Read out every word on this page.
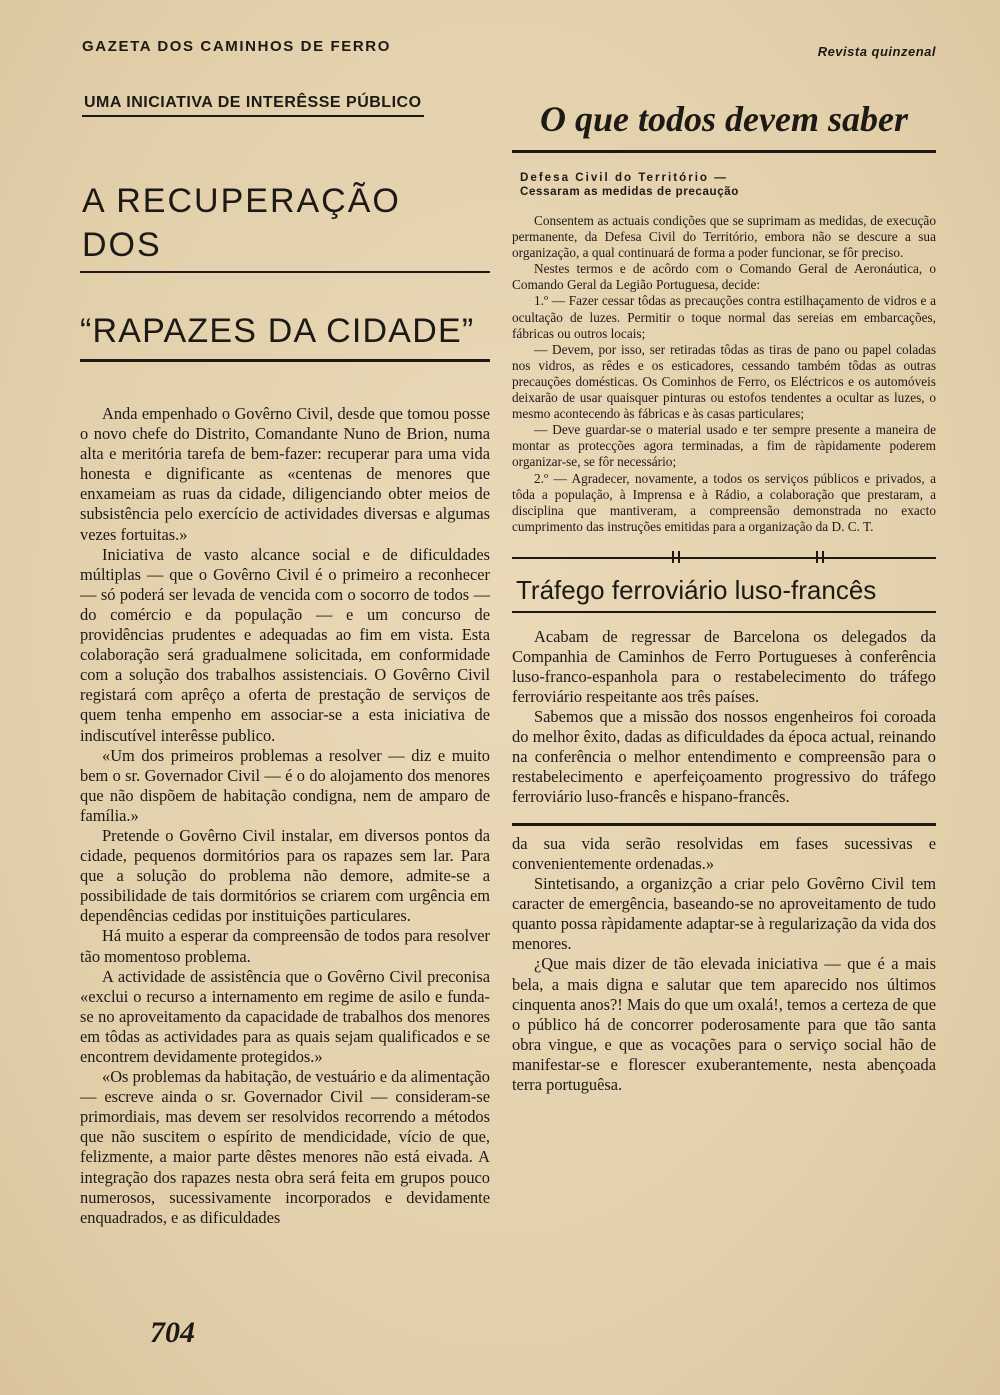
GAZETA DOS CAMINHOS DE FERRO	Revista quinzenal
UMA INICIATIVA DE INTERÊSSE PÚBLICO
A RECUPERAÇÃO DOS
“RAPAZES DA CIDADE”

Anda empenhado o Govêrno Civil, desde que tomou posse o novo chefe do Distrito, Comandante Nuno de Brion, numa alta e meritória tarefa de bem-fazer: recuperar para uma vida honesta e dignificante as «centenas de menores que enxameiam as ruas da cidade, diligenciando obter meios de subsistência pelo exercício de actividades diversas e algumas vezes fortuitas.»

Iniciativa de vasto alcance social e de dificuldades múltiplas — que o Govêrno Civil é o primeiro a reconhecer — só poderá ser levada de vencida com o socorro de todos — do comércio e da população — e um concurso de providências prudentes e adequadas ao fim em vista. Esta colaboração será gradualmene solicitada, em conformidade com a solução dos trabalhos assistenciais. O Govêrno Civil registará com aprêço a oferta de prestação de serviços de quem tenha empenho em associar-se a esta iniciativa de indiscutível interêsse publico.

«Um dos primeiros problemas a resolver — diz e muito bem o sr. Governador Civil — é o do alojamento dos menores que não dispõem de habitação condigna, nem de amparo de família.»

Pretende o Govêrno Civil instalar, em diversos pontos da cidade, pequenos dormitórios para os rapazes sem lar. Para que a solução do problema não demore, admite-se a possibilidade de tais dormitórios se criarem com urgência em dependências cedidas por instituições particulares.

Há muito a esperar da compreensão de todos para resolver tão momentoso problema.

A actividade de assistência que o Govêrno Civil preconisa «exclui o recurso a internamento em regime de asilo e funda-se no aproveitamento da capacidade de trabalhos dos menores em tôdas as actividades para as quais sejam qualificados e se encontrem devidamente protegidos.»

«Os problemas da habitação, de vestuário e da alimentação — escreve ainda o sr. Governador Civil — consideram-se primordiais, mas devem ser resolvidos recorrendo a métodos que não suscitem o espírito de mendicidade, vício de que, felizmente, a maior parte dêstes menores não está eivada. A integração dos rapazes nesta obra será feita em grupos pouco numerosos, sucessivamente incorporados e devidamente enquadrados, e as dificuldades

O que todos devem saber
Defesa Civil do Território —
Cessaram as medidas de precaução

Consentem as actuais condições que se suprimam as medidas, de execução permanente, da Defesa Civil do Território, embora não se descure a sua organização, a qual continuará de forma a poder funcionar, se fôr preciso.

Nestes termos e de acôrdo com o Comando Geral de Aeronáutica, o Comando Geral da Legião Portuguesa, decide:

1.º — Fazer cessar tôdas as precauções contra estilhaçamento de vidros e a ocultação de luzes. Permitir o toque normal das sereias em embarcações, fábricas ou outros locais;

— Devem, por isso, ser retiradas tôdas as tiras de pano ou papel coladas nos vidros, as rêdes e os esticadores, cessando também tôdas as outras precauções domésticas. Os Cominhos de Ferro, os Eléctricos e os automóveis deixarão de usar quaisquer pinturas ou estofos tendentes a ocultar as luzes, o mesmo acontecendo às fábricas e às casas particulares;

— Deve guardar-se o material usado e ter sempre presente a maneira de montar as protecções agora terminadas, a fim de ràpidamente poderem organizar-se, se fôr necessário;

2.º — Agradecer, novamente, a todos os serviços públicos e privados, a tôda a população, à Imprensa e à Rádio, a colaboração que prestaram, a disciplina que mantiveram, a compreensão demonstrada no exacto cumprimento das instruções emitidas para a organização da D. C. T.

Tráfego ferroviário luso-francês

Acabam de regressar de Barcelona os delegados da Companhia de Caminhos de Ferro Portugueses à conferência luso-franco-espanhola para o restabelecimento do tráfego ferroviário respeitante aos três países.

Sabemos que a missão dos nossos engenheiros foi coroada do melhor êxito, dadas as dificuldades da época actual, reinando na conferência o melhor entendimento e compreensão para o restabelecimento e aperfeiçoamento progressivo do tráfego ferroviário luso-francês e hispano-francês.

da sua vida serão resolvidas em fases sucessivas e convenientemente ordenadas.»

Sintetisando, a organizção a criar pelo Govêrno Civil tem caracter de emergência, baseando-se no aproveitamento de tudo quanto possa ràpidamente adaptar-se à regularização da vida dos menores.

¿Que mais dizer de tão elevada iniciativa — que é a mais bela, a mais digna e salutar que tem aparecido nos últimos cinquenta anos?! Mais do que um oxalá!, temos a certeza de que o público há de concorrer poderosamente para que tão santa obra vingue, e que as vocações para o serviço social hão de manifestar-se e florescer exuberantemente, nesta abençoada terra portuguêsa.

704
